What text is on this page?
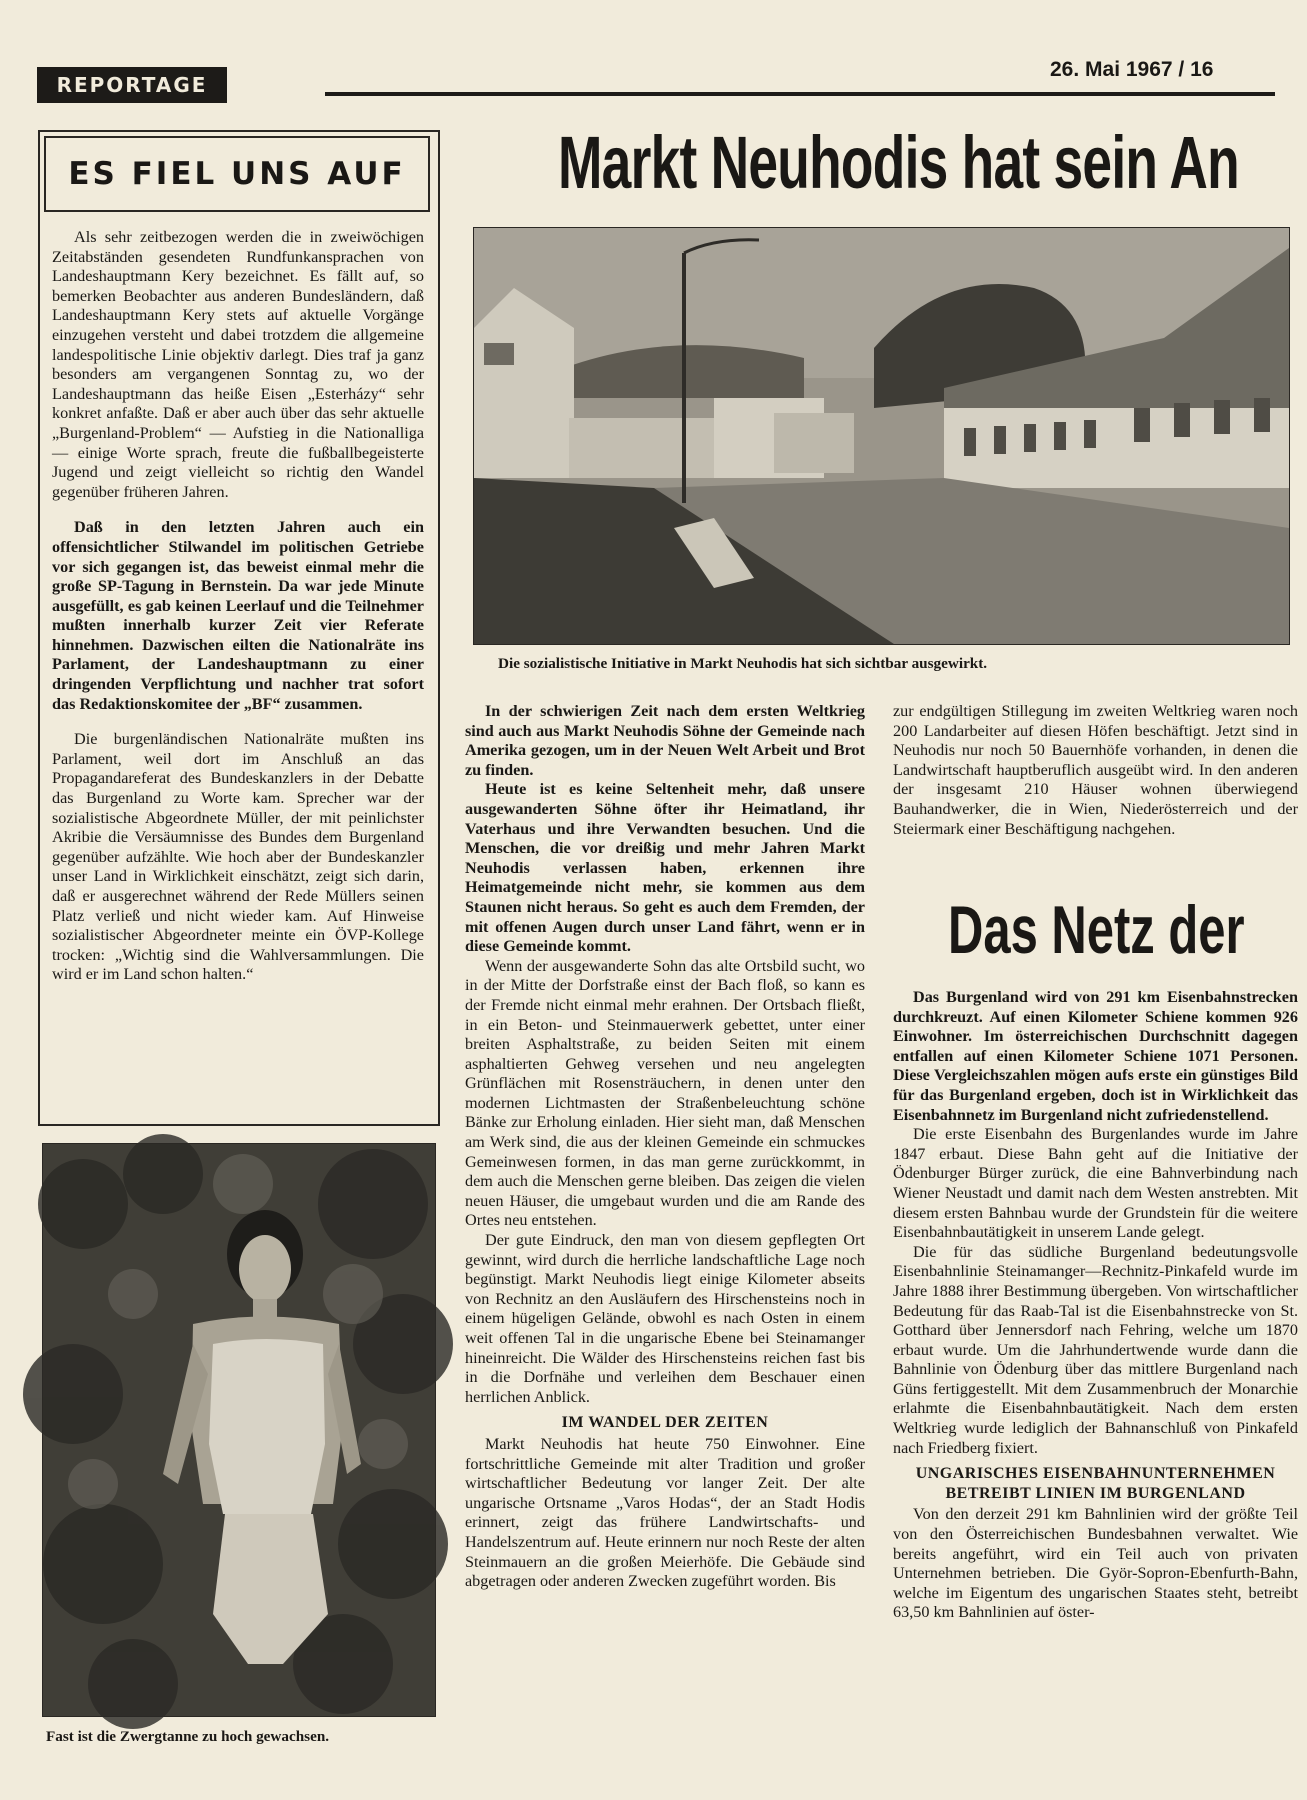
REPORTAGE
26. Mai 1967 / 16
ES FIEL UNS AUF

Als sehr zeitbezogen werden die in zweiwöchigen Zeitabständen gesendeten Rundfunkansprachen von Landeshauptmann Kery bezeichnet. Es fällt auf, so bemerken Beobachter aus anderen Bundesländern, daß Landeshauptmann Kery stets auf aktuelle Vorgänge einzugehen versteht und dabei trotzdem die allgemeine landespolitische Linie objektiv darlegt. Dies traf ja ganz besonders am vergangenen Sonntag zu, wo der Landeshauptmann das heiße Eisen „Esterházy“ sehr konkret anfaßte. Daß er aber auch über das sehr aktuelle „Burgenland-Problem“ — Aufstieg in die Nationalliga — einige Worte sprach, freute die fußballbegeisterte Jugend und zeigt vielleicht so richtig den Wandel gegenüber früheren Jahren.

Daß in den letzten Jahren auch ein offensichtlicher Stilwandel im politischen Getriebe vor sich gegangen ist, das beweist einmal mehr die große SP-Tagung in Bernstein. Da war jede Minute ausgefüllt, es gab keinen Leerlauf und die Teilnehmer mußten innerhalb kurzer Zeit vier Referate hinnehmen. Dazwischen eilten die Nationalräte ins Parlament, der Landeshauptmann zu einer dringenden Verpflichtung und nachher trat sofort das Redaktionskomitee der „BF“ zusammen.

Die burgenländischen Nationalräte mußten ins Parlament, weil dort im Anschluß an das Propagandareferat des Bundeskanzlers in der Debatte das Burgenland zu Worte kam. Sprecher war der sozialistische Abgeordnete Müller, der mit peinlichster Akribie die Versäumnisse des Bundes dem Burgenland gegenüber aufzählte. Wie hoch aber der Bundeskanzler unser Land in Wirklichkeit einschätzt, zeigt sich darin, daß er ausgerechnet während der Rede Müllers seinen Platz verließ und nicht wieder kam. Auf Hinweise sozialistischer Abgeordneter meinte ein ÖVP-Kollege trocken: „Wichtig sind die Wahlversammlungen. Die wird er im Land schon halten.“

Fast ist die Zwergtanne zu hoch gewachsen.
Markt Neuhodis hat sein An
Die sozialistische Initiative in Markt Neuhodis hat sich sichtbar ausgewirkt.

In der schwierigen Zeit nach dem ersten Weltkrieg sind auch aus Markt Neuhodis Söhne der Gemeinde nach Amerika gezogen, um in der Neuen Welt Arbeit und Brot zu finden.

Heute ist es keine Seltenheit mehr, daß unsere ausgewanderten Söhne öfter ihr Heimatland, ihr Vaterhaus und ihre Verwandten besuchen. Und die Menschen, die vor dreißig und mehr Jahren Markt Neuhodis verlassen haben, erkennen ihre Heimatgemeinde nicht mehr, sie kommen aus dem Staunen nicht heraus. So geht es auch dem Fremden, der mit offenen Augen durch unser Land fährt, wenn er in diese Gemeinde kommt.

Wenn der ausgewanderte Sohn das alte Ortsbild sucht, wo in der Mitte der Dorfstraße einst der Bach floß, so kann es der Fremde nicht einmal mehr erahnen. Der Ortsbach fließt, in ein Beton- und Steinmauerwerk gebettet, unter einer breiten Asphaltstraße, zu beiden Seiten mit einem asphaltierten Gehweg versehen und neu angelegten Grünflächen mit Rosensträuchern, in denen unter den modernen Lichtmasten der Straßenbeleuchtung schöne Bänke zur Erholung einladen. Hier sieht man, daß Menschen am Werk sind, die aus der kleinen Gemeinde ein schmuckes Gemeinwesen formen, in das man gerne zurückkommt, in dem auch die Menschen gerne bleiben. Das zeigen die vielen neuen Häuser, die umgebaut wurden und die am Rande des Ortes neu entstehen.

Der gute Eindruck, den man von diesem gepflegten Ort gewinnt, wird durch die herrliche landschaftliche Lage noch begünstigt. Markt Neuhodis liegt einige Kilometer abseits von Rechnitz an den Ausläufern des Hirschensteins noch in einem hügeligen Gelände, obwohl es nach Osten in einem weit offenen Tal in die ungarische Ebene bei Steinamanger hineinreicht. Die Wälder des Hirschensteins reichen fast bis in die Dorfnähe und verleihen dem Beschauer einen herrlichen Anblick.

IM WANDEL DER ZEITEN

Markt Neuhodis hat heute 750 Einwohner. Eine fortschrittliche Gemeinde mit alter Tradition und großer wirtschaftlicher Bedeutung vor langer Zeit. Der alte ungarische Ortsname „Varos Hodas“, der an Stadt Hodis erinnert, zeigt das frühere Landwirtschafts- und Handelszentrum auf. Heute erinnern nur noch Reste der alten Steinmauern an die großen Meierhöfe. Die Gebäude sind abgetragen oder anderen Zwecken zugeführt worden. Bis

zur endgültigen Stillegung im zweiten Weltkrieg waren noch 200 Landarbeiter auf diesen Höfen beschäftigt. Jetzt sind in Neuhodis nur noch 50 Bauernhöfe vorhanden, in denen die Landwirtschaft hauptberuflich ausgeübt wird. In den anderen der insgesamt 210 Häuser wohnen überwiegend Bauhandwerker, die in Wien, Niederösterreich und der Steiermark einer Beschäftigung nachgehen.

Das Netz der

Das Burgenland wird von 291 km Eisenbahnstrecken durchkreuzt. Auf einen Kilometer Schiene kommen 926 Einwohner. Im österreichischen Durchschnitt dagegen entfallen auf einen Kilometer Schiene 1071 Personen. Diese Vergleichszahlen mögen aufs erste ein günstiges Bild für das Burgenland ergeben, doch ist in Wirklichkeit das Eisenbahnnetz im Burgenland nicht zufriedenstellend.

Die erste Eisenbahn des Burgenlandes wurde im Jahre 1847 erbaut. Diese Bahn geht auf die Initiative der Ödenburger Bürger zurück, die eine Bahnverbindung nach Wiener Neustadt und damit nach dem Westen anstrebten. Mit diesem ersten Bahnbau wurde der Grundstein für die weitere Eisenbahnbautätigkeit in unserem Lande gelegt.

Die für das südliche Burgenland bedeutungsvolle Eisenbahnlinie Steinamanger—Rechnitz-Pinkafeld wurde im Jahre 1888 ihrer Bestimmung übergeben. Von wirtschaftlicher Bedeutung für das Raab-Tal ist die Eisenbahnstrecke von St. Gotthard über Jennersdorf nach Fehring, welche um 1870 erbaut wurde. Um die Jahrhundertwende wurde dann die Bahnlinie von Ödenburg über das mittlere Burgenland nach Güns fertiggestellt. Mit dem Zusammenbruch der Monarchie erlahmte die Eisenbahnbautätigkeit. Nach dem ersten Weltkrieg wurde lediglich der Bahnanschluß von Pinkafeld nach Friedberg fixiert.

UNGARISCHES EISENBAHNUNTERNEHMEN BETREIBT LINIEN IM BURGENLAND

Von den derzeit 291 km Bahnlinien wird der größte Teil von den Österreichischen Bundesbahnen verwaltet. Wie bereits angeführt, wird ein Teil auch von privaten Unternehmen betrieben. Die Györ-Sopron-Ebenfurth-Bahn, welche im Eigentum des ungarischen Staates steht, betreibt 63,50 km Bahnlinien auf öster-
